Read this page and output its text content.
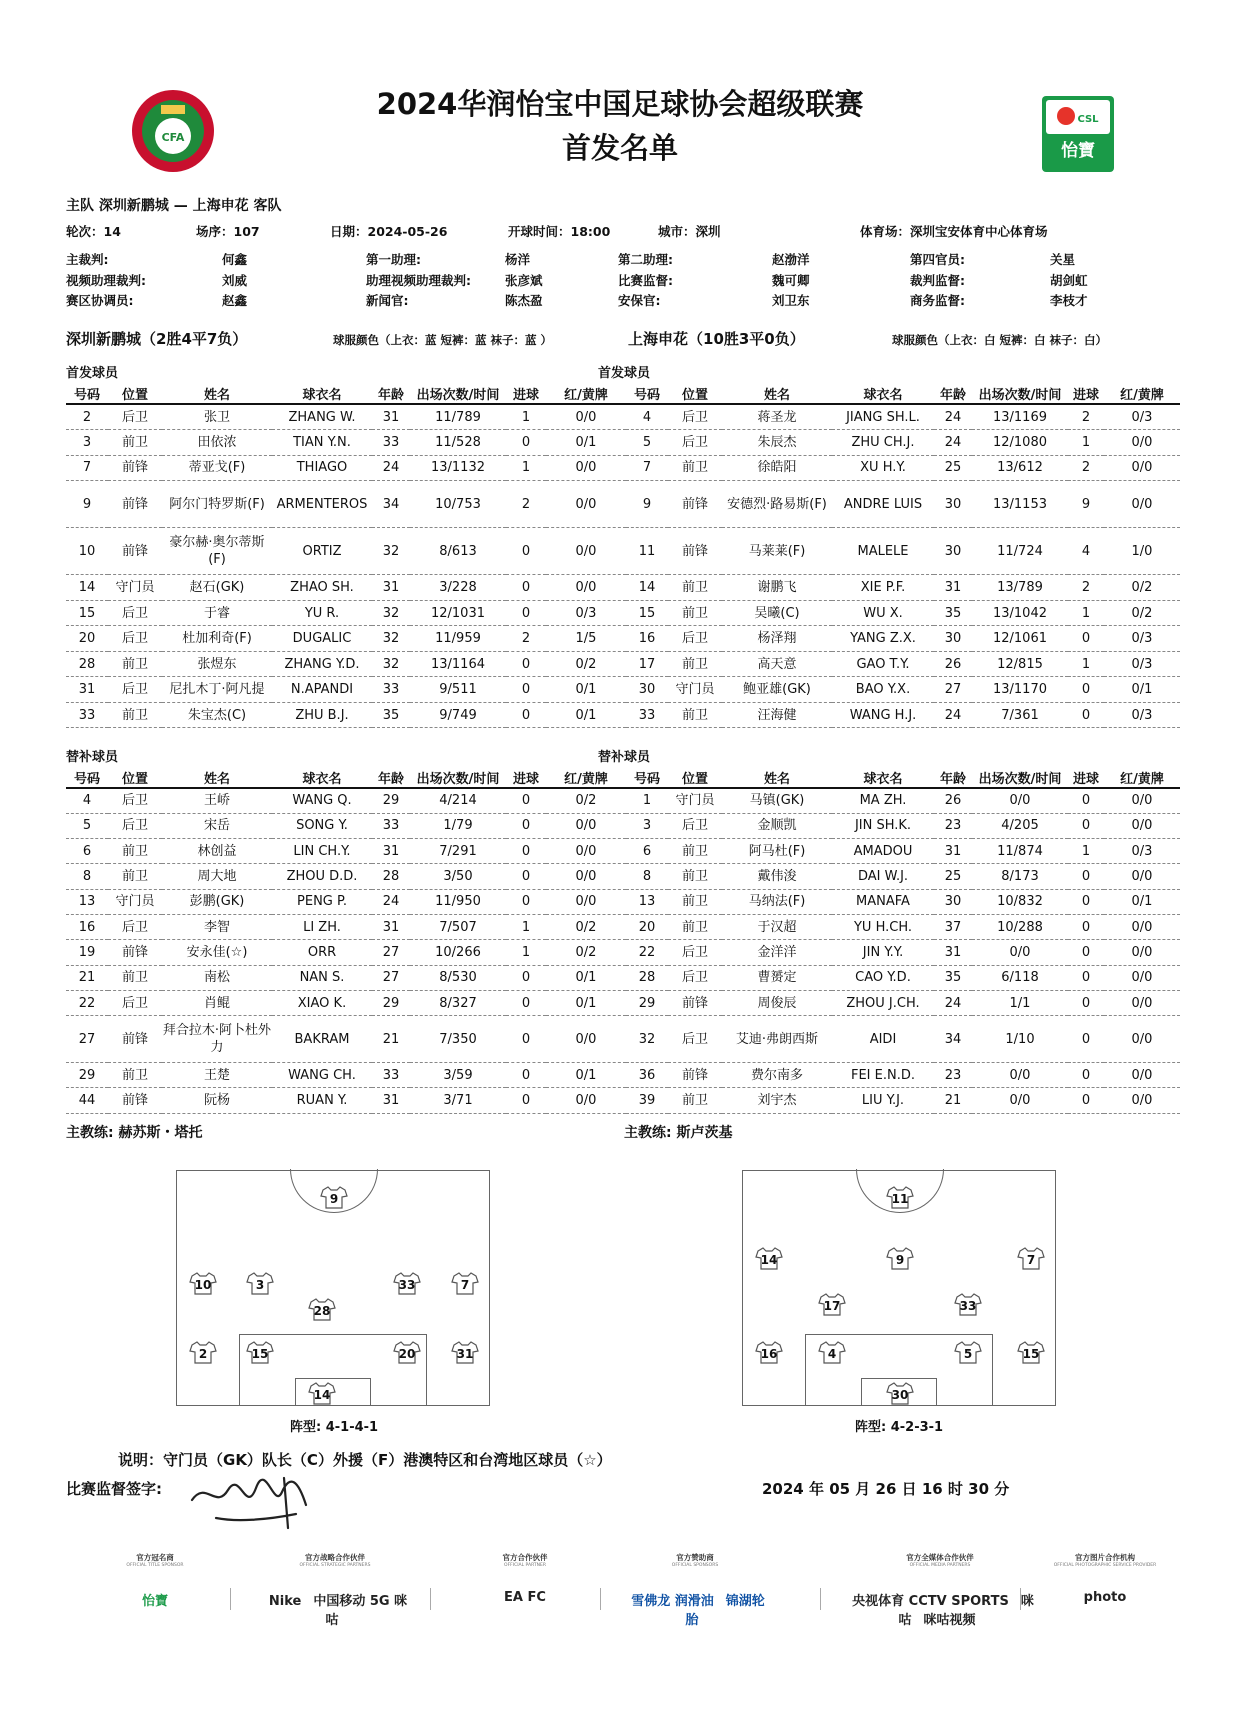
CFA
CSL
怡寶
2024华润怡宝中国足球协会超级联赛
首发名单
主队 深圳新鹏城 — 上海申花 客队
轮次：14	场序：107	日期：2024-05-26	开球时间：18:00	城市：深圳	体育场：深圳宝安体育中心体育场
主裁判:	何鑫	第一助理:	杨洋	第二助理:	赵渤洋	第四官员:	关星
视频助理裁判:	刘威	助理视频助理裁判:	张彦斌	比赛监督:	魏可卿	裁判监督:	胡剑虹
赛区协调员:	赵鑫	新闻官:	陈杰盈	安保官:	刘卫东	商务监督:	李枝才
深圳新鹏城（2胜4平7负）	球服颜色（上衣：蓝 短裤：蓝 袜子：蓝 ）	上海申花（10胜3平0负）	球服颜色（上衣：白 短裤：白 袜子：白）
首发球员	首发球员
替补球员	替补球员
号码	位置	姓名	球衣名	年龄	出场次数/时间	进球	红/黄牌
2	后卫	张卫	ZHANG W.	31	11/789	1	0/0
3	前卫	田依浓	TIAN Y.N.	33	11/528	0	0/1
7	前锋	蒂亚戈(F)	THIAGO	24	13/1132	1	0/0
9	前锋	阿尔门特罗斯(F)	ARMENTEROS	34	10/753	2	0/0
10	前锋	豪尔赫·奥尔蒂斯(F)	ORTIZ	32	8/613	0	0/0
14	守门员	赵石(GK)	ZHAO SH.	31	3/228	0	0/0
15	后卫	于睿	YU R.	32	12/1031	0	0/3
20	后卫	杜加利奇(F)	DUGALIC	32	11/959	2	1/5
28	前卫	张煜东	ZHANG Y.D.	32	13/1164	0	0/2
31	后卫	尼扎木丁·阿凡提	N.APANDI	33	9/511	0	0/1
33	前卫	朱宝杰(C)	ZHU B.J.	35	9/749	0	0/1
号码	位置	姓名	球衣名	年龄	出场次数/时间	进球	红/黄牌
4	后卫	蒋圣龙	JIANG SH.L.	24	13/1169	2	0/3
5	后卫	朱辰杰	ZHU CH.J.	24	12/1080	1	0/0
7	前卫	徐皓阳	XU H.Y.	25	13/612	2	0/0
9	前锋	安德烈·路易斯(F)	ANDRE LUIS	30	13/1153	9	0/0
11	前锋	马莱莱(F)	MALELE	30	11/724	4	1/0
14	前卫	谢鹏飞	XIE P.F.	31	13/789	2	0/2
15	前卫	吴曦(C)	WU X.	35	13/1042	1	0/2
16	后卫	杨泽翔	YANG Z.X.	30	12/1061	0	0/3
17	前卫	高天意	GAO T.Y.	26	12/815	1	0/3
30	守门员	鲍亚雄(GK)	BAO Y.X.	27	13/1170	0	0/1
33	前卫	汪海健	WANG H.J.	24	7/361	0	0/3
号码	位置	姓名	球衣名	年龄	出场次数/时间	进球	红/黄牌
4	后卫	王峤	WANG Q.	29	4/214	0	0/2
5	后卫	宋岳	SONG Y.	33	1/79	0	0/0
6	前卫	林创益	LIN CH.Y.	31	7/291	0	0/0
8	前卫	周大地	ZHOU D.D.	28	3/50	0	0/0
13	守门员	彭鹏(GK)	PENG P.	24	11/950	0	0/0
16	后卫	李智	LI ZH.	31	7/507	1	0/2
19	前锋	安永佳(☆)	ORR	27	10/266	1	0/2
21	前卫	南松	NAN S.	27	8/530	0	0/1
22	后卫	肖鲲	XIAO K.	29	8/327	0	0/1
27	前锋	拜合拉木·阿卜杜外力	BAKRAM	21	7/350	0	0/0
29	前卫	王楚	WANG CH.	33	3/59	0	0/1
44	前锋	阮杨	RUAN Y.	31	3/71	0	0/0
号码	位置	姓名	球衣名	年龄	出场次数/时间	进球	红/黄牌
1	守门员	马镇(GK)	MA ZH.	26	0/0	0	0/0
3	后卫	金顺凯	JIN SH.K.	23	4/205	0	0/0
6	前卫	阿马杜(F)	AMADOU	31	11/874	1	0/3
8	前卫	戴伟浚	DAI W.J.	25	8/173	0	0/0
13	前卫	马纳法(F)	MANAFA	30	10/832	0	0/1
20	前卫	于汉超	YU H.CH.	37	10/288	0	0/0
22	后卫	金洋洋	JIN Y.Y.	31	0/0	0	0/0
28	后卫	曹赟定	CAO Y.D.	35	6/118	0	0/0
29	前锋	周俊辰	ZHOU J.CH.	24	1/1	0	0/0
32	后卫	艾迪·弗朗西斯	AIDI	34	1/10	0	0/0
36	前锋	费尔南多	FEI E.N.D.	23	0/0	0	0/0
39	前卫	刘宇杰	LIU Y.J.	21	0/0	0	0/0
主教练: 赫苏斯・塔托	主教练: 斯卢茨基
9
10	3	33	7
28
2	15	20	31
14
11
14	9	7
17	33
16	4	5	15
30
阵型: 4-1-4-1	阵型: 4-2-3-1
说明：守门员（GK）队长（C）外援（F）港澳特区和台湾地区球员（☆）
比赛监督签字:	2024 年 05 月 26 日 16 时 30 分
官方冠名商
OFFICIAL TITLE SPONSOR
怡寶
官方战略合作伙伴
OFFICIAL STRATEGIC PARTNERS
Nike 中国移动 5G 咪咕
官方合作伙伴
OFFICIAL PARTNER
EA FC
官方赞助商
OFFICIAL SPONSORS
雪佛龙 润滑油 锦湖轮胎
官方全媒体合作伙伴
OFFICIAL MEDIA PARTNERS
央视体育 CCTV SPORTS 咪咕 咪咕视频
官方图片合作机构
OFFICIAL PHOTOGRAPHIC SERVICE PROVIDER
photo
